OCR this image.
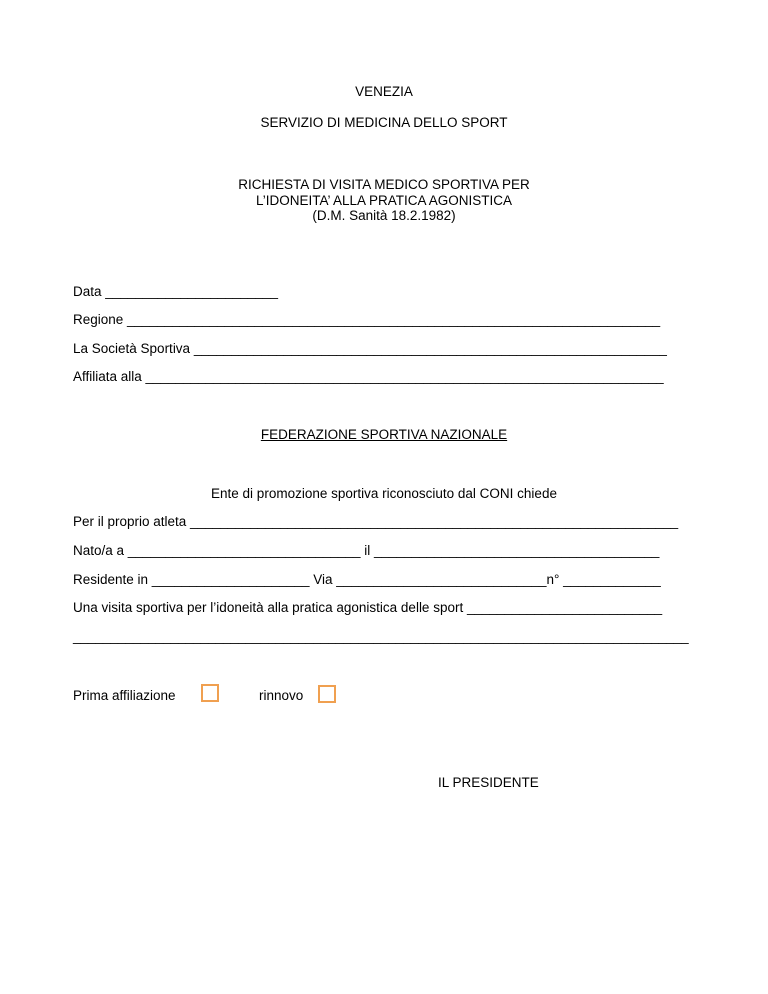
VENEZIA
SERVIZIO DI MEDICINA DELLO SPORT
RICHIESTA DI VISITA MEDICO SPORTIVA PER
L’IDONEITA’ ALLA PRATICA AGONISTICA
(D.M. Sanità 18.2.1982)
Data _______________________
Regione _______________________________________________________________________
La Società Sportiva _______________________________________________________________
Affiliata alla _____________________________________________________________________
FEDERAZIONE SPORTIVA NAZIONALE
Ente di promozione sportiva riconosciuto dal CONI chiede
Per il proprio atleta _________________________________________________________________
Nato/a a _______________________________ il ______________________________________
Residente in _____________________ Via ____________________________n° _____________
Una visita sportiva per l’idoneità alla pratica agonistica delle sport __________________________
__________________________________________________________________________________
Prima affiliazione	rinnovo
IL PRESIDENTE
